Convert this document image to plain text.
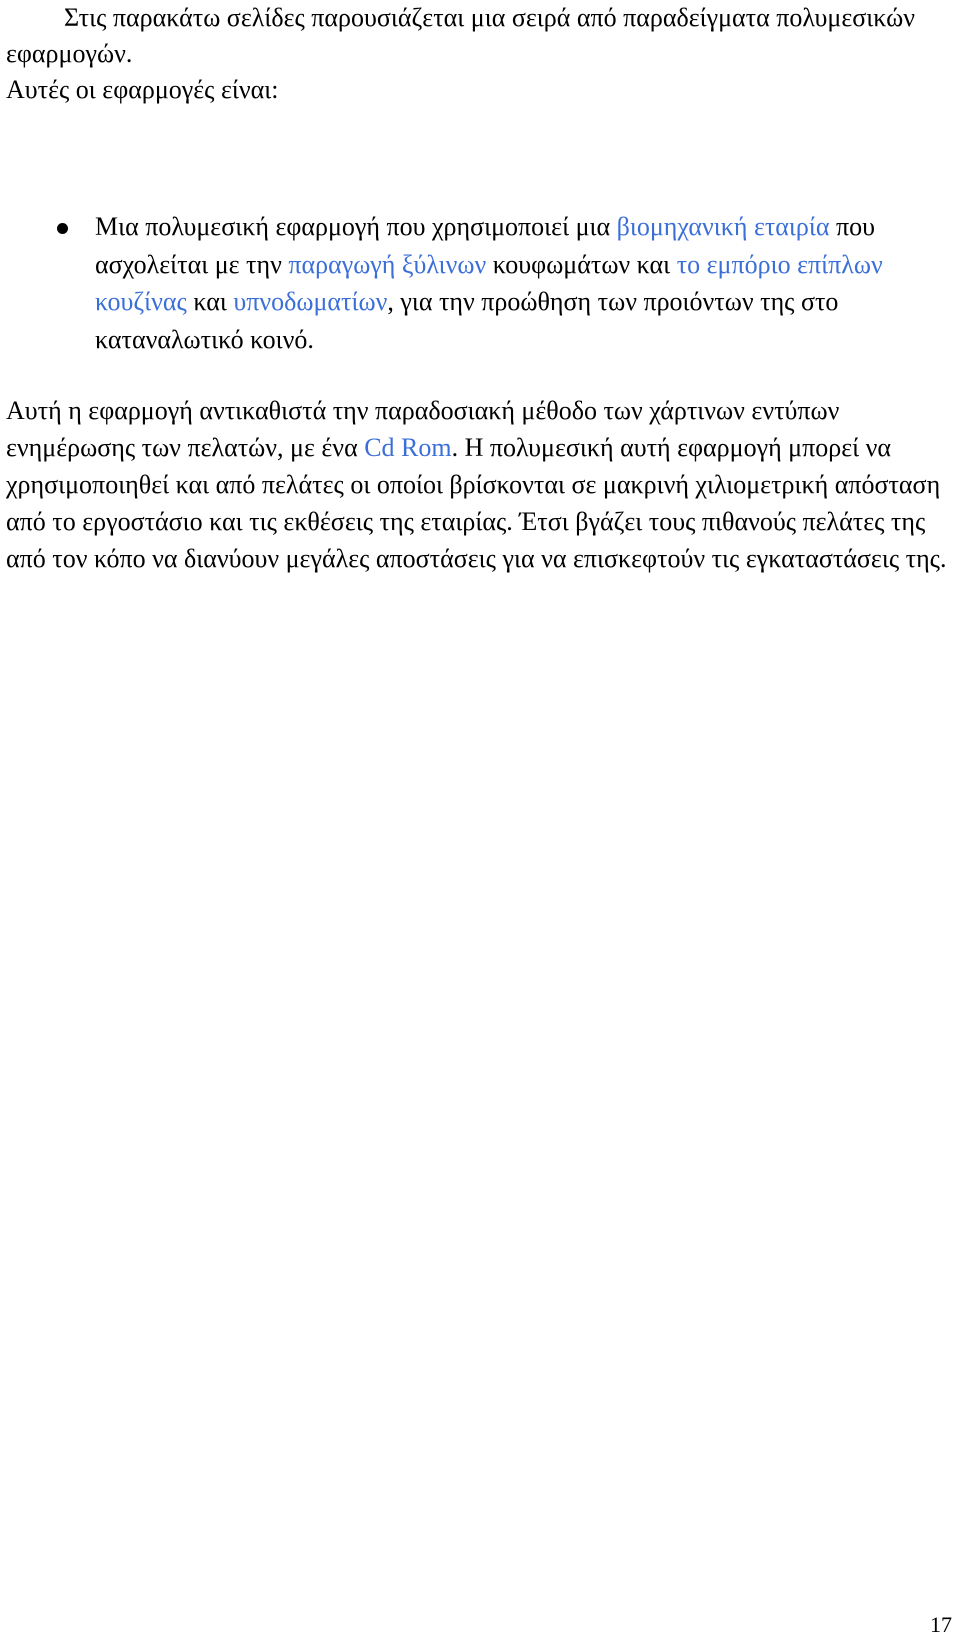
Στις παρακάτω σελίδες παρουσιάζεται μια σειρά από παραδείγματα πολυμεσικών εφαρμογών.
Αυτές οι εφαρμογές είναι:

Μια πολυμεσική εφαρμογή που χρησιμοποιεί μια βιομηχανική εταιρία που ασχολείται με την παραγωγή ξύλινων κουφωμάτων και το εμπόριο επίπλων κουζίνας και υπνοδωματίων, για την προώθηση των προιόντων της στο καταναλωτικό κοινό.

Αυτή η εφαρμογή αντικαθιστά την παραδοσιακή μέθοδο των χάρτινων εντύπων ενημέρωσης των πελατών, με ένα Cd Rom. Η πολυμεσική αυτή εφαρμογή μπορεί να χρησιμοποιηθεί και από πελάτες οι οποίοι βρίσκονται σε μακρινή χιλιομετρική απόσταση από το εργοστάσιο και τις εκθέσεις της εταιρίας. Έτσι βγάζει τους πιθανούς πελάτες της από τον κόπο να διανύουν μεγάλες αποστάσεις για να επισκεφτούν τις εγκαταστάσεις της.

17
